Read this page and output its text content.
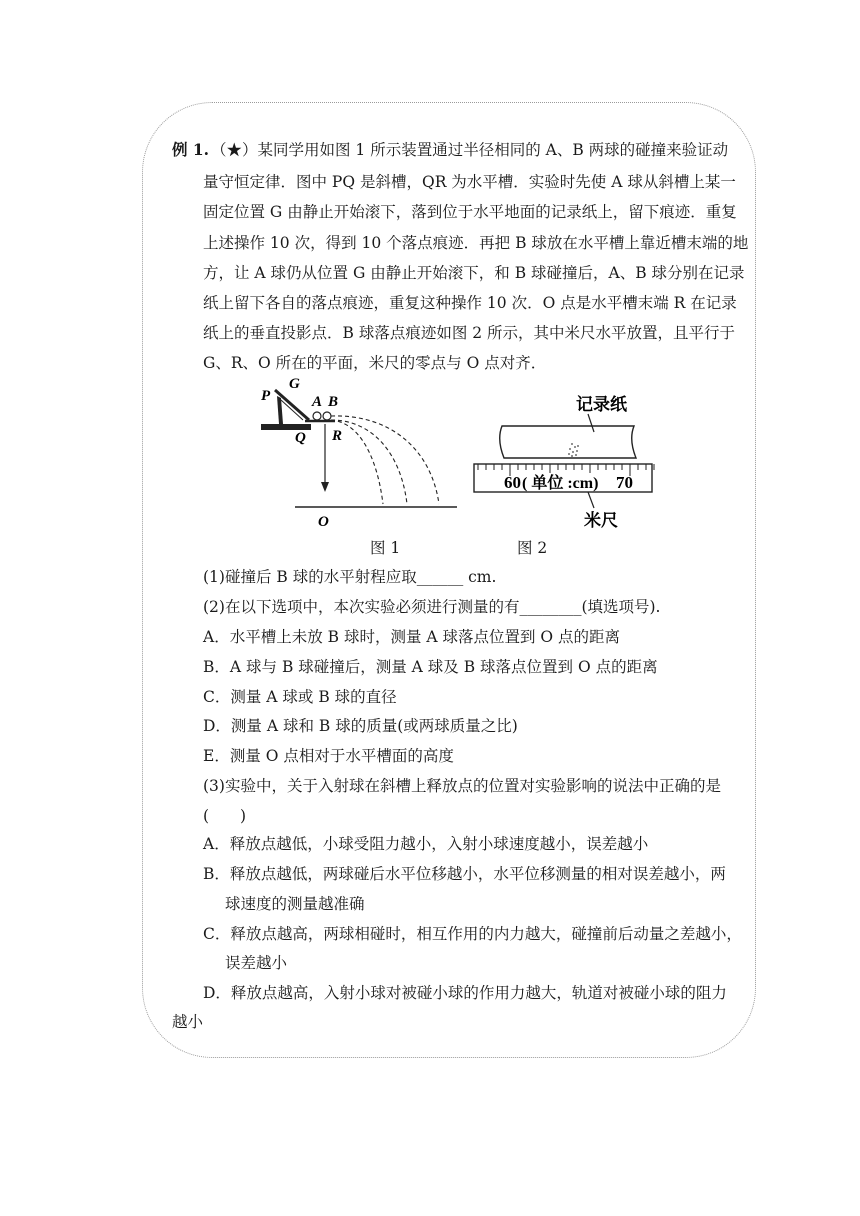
例 1. （★）某同学用如图 1 所示装置通过半径相同的 A、B 两球的碰撞来验证动
量守恒定律．图中 PQ 是斜槽，QR 为水平槽．实验时先使 A 球从斜槽上某一
固定位置 G 由静止开始滚下，落到位于水平地面的记录纸上，留下痕迹．重复
上述操作 10 次，得到 10 个落点痕迹．再把 B 球放在水平槽上靠近槽末端的地
方，让 A 球仍从位置 G 由静止开始滚下，和 B 球碰撞后，A、B 球分别在记录
纸上留下各自的落点痕迹，重复这种操作 10 次．O 点是水平槽末端 R 在记录
纸上的垂直投影点．B 球落点痕迹如图 2 所示，其中米尺水平放置，且平行于
G、R、O 所在的平面，米尺的零点与 O 点对齐．
P
G
A B
Q R
O
记录纸
60 ( 单位 :cm) 70
米尺
图 1	图 2
(1)碰撞后 B 球的水平射程应取______ cm.
(2)在以下选项中，本次实验必须进行测量的有________(填选项号).
A．水平槽上未放 B 球时，测量 A 球落点位置到 O 点的距离
B．A 球与 B 球碰撞后，测量 A 球及 B 球落点位置到 O 点的距离
C．测量 A 球或 B 球的直径
D．测量 A 球和 B 球的质量(或两球质量之比)
E．测量 O 点相对于水平槽面的高度
(3)实验中，关于入射球在斜槽上释放点的位置对实验影响的说法中正确的是
(　　)
A．释放点越低，小球受阻力越小，入射小球速度越小，误差越小
B．释放点越低，两球碰后水平位移越小，水平位移测量的相对误差越小，两
球速度的测量越准确
C．释放点越高，两球相碰时，相互作用的内力越大，碰撞前后动量之差越小，
误差越小
D．释放点越高，入射小球对被碰小球的作用力越大，轨道对被碰小球的阻力
越小
